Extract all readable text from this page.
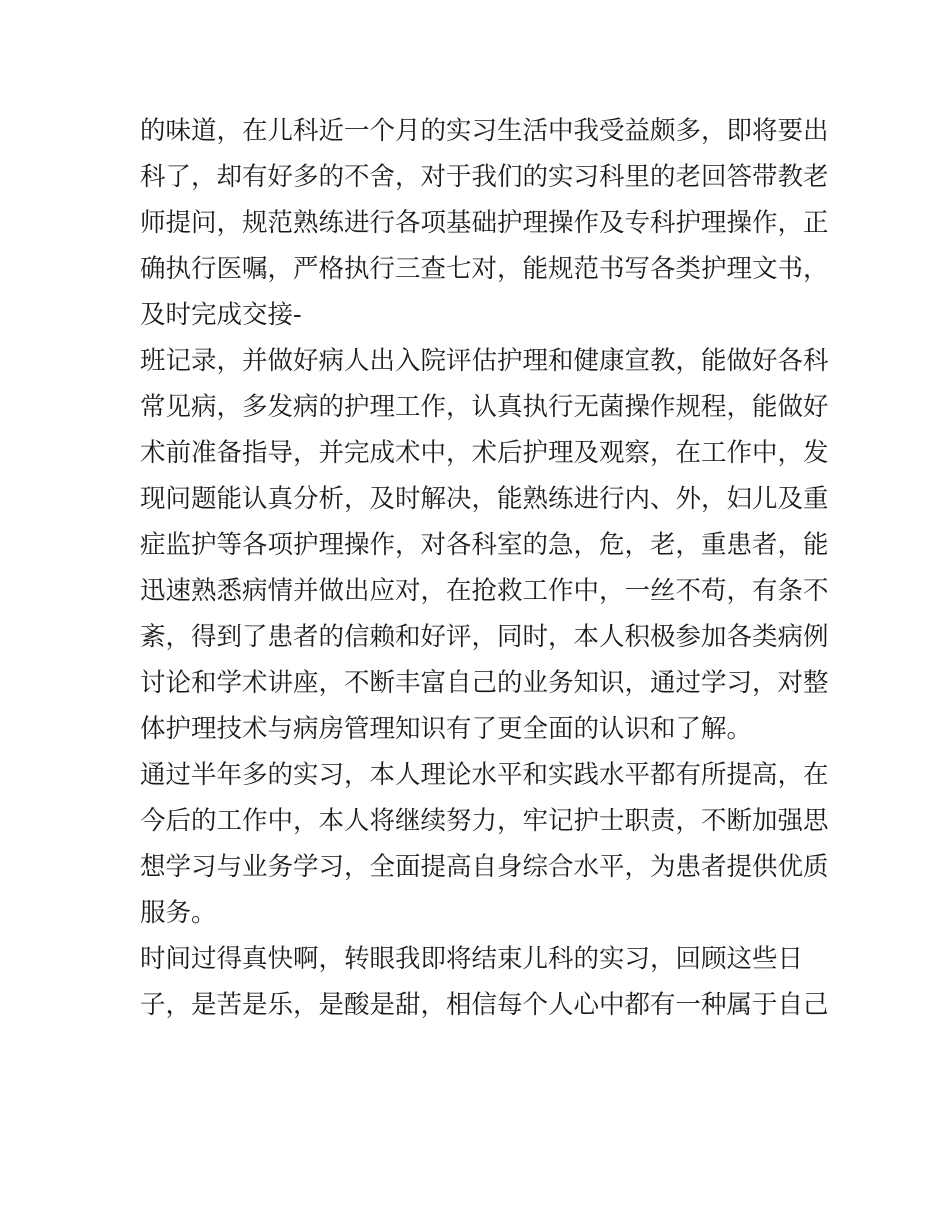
的味道，在儿科近一个月的实习生活中我受益颇多，即将要出
科了，却有好多的不舍，对于我们的实习科里的老回答带教老
师提问，规范熟练进行各项基础护理操作及专科护理操作，正
确执行医嘱，严格执行三查七对，能规范书写各类护理文书，
及时完成交接-
班记录，并做好病人出入院评估护理和健康宣教，能做好各科
常见病，多发病的护理工作，认真执行无菌操作规程，能做好
术前准备指导，并完成术中，术后护理及观察，在工作中，发
现问题能认真分析，及时解决，能熟练进行内、外，妇儿及重
症监护等各项护理操作，对各科室的急，危，老，重患者，能
迅速熟悉病情并做出应对，在抢救工作中，一丝不苟，有条不
紊，得到了患者的信赖和好评，同时，本人积极参加各类病例
讨论和学术讲座，不断丰富自己的业务知识，通过学习，对整
体护理技术与病房管理知识有了更全面的认识和了解。
通过半年多的实习，本人理论水平和实践水平都有所提高，在
今后的工作中，本人将继续努力，牢记护士职责，不断加强思
想学习与业务学习，全面提高自身综合水平，为患者提供优质
服务。
时间过得真快啊，转眼我即将结束儿科的实习，回顾这些日
子，是苦是乐，是酸是甜，相信每个人心中都有一种属于自己
